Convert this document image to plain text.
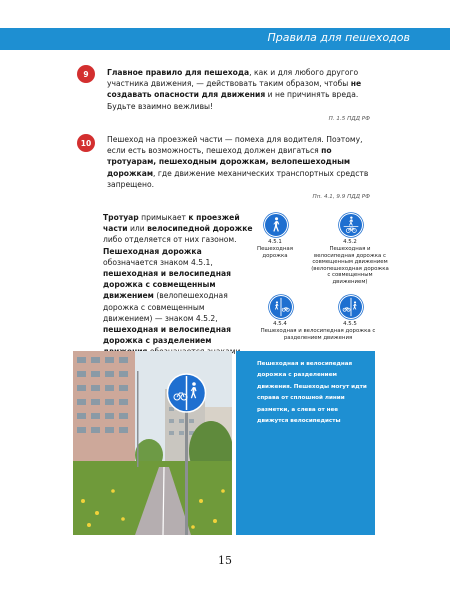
Правила для пешеходов
9	Главное правило для пешехода, как и для любого другого участника движения, — действовать таким образом, чтобы не создавать опасности для движения и не причинять вреда. Будьте взаимно вежливы!
П. 1.5 ПДД РФ
10	Пешеход на проезжей части — помеха для водителя. Поэтому, если есть возможность, пешеход должен двигаться по тротуарам, пешеходным дорожкам, велопешеходным дорожкам, где движение механических транспортных средств запрещено.
Пп. 4.1, 9.9 ПДД РФ
Тротуар примыкает к проезжей части или велосипедной дорожке либо отделяется от них газоном. Пешеходная дорожка обозначается знаком 4.5.1, пешеходная и велосипедная дорожка с совмещенным движением (велопешеходная дорожка с совмещенным движением) — знаком 4.5.2, пешеходная и велосипедная дорожка с разделением
4.5.1
Пешеходная дорожка
4.5.2
Пешеходная и велосипедная дорожка с совмещенным движением (велопешеходная дорожка с совмещенным движением)
4.5.4	4.5.5
Пешеходная и велосипедная дорожка с разделением движения
Пешеходная и велосипедная дорожка с разделением движения. Пешеходы могут идти справа от сплошной линии разметки, а слева от нее движутся велосипедисты
15
